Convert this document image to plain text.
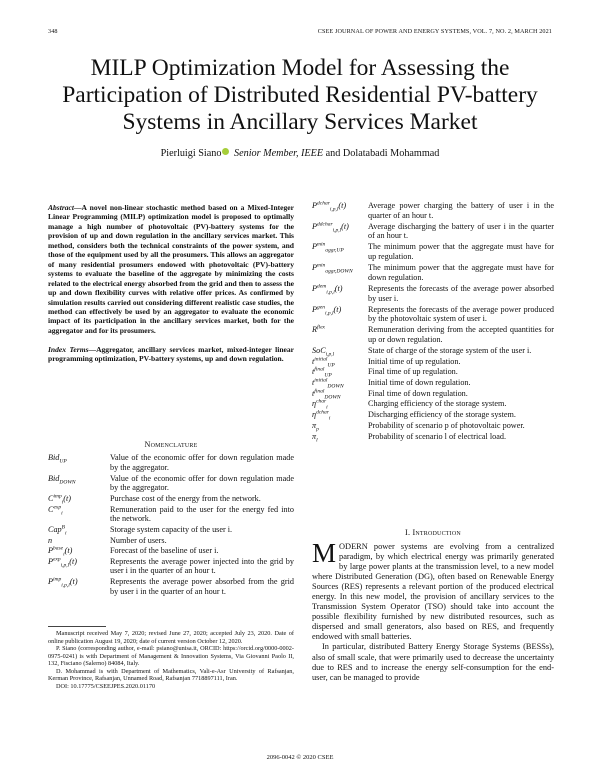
348	CSEE JOURNAL OF POWER AND ENERGY SYSTEMS, VOL. 7, NO. 2, MARCH 2021
MILP Optimization Model for Assessing the Participation of Distributed Residential PV-battery Systems in Ancillary Services Market
Pierluigi Siano Senior Member, IEEE and Dolatabadi Mohammad
Abstract—A novel non-linear stochastic method based on a Mixed-Integer Linear Programming (MILP) optimization model is proposed to optimally manage a high number of photovoltaic (PV)-battery systems for the provision of up and down regulation in the ancillary services market. This method, considers both the technical constraints of the power system, and those of the equipment used by all the prosumers. This allows an aggregator of many residential prosumers endowed with photovoltaic (PV)-battery systems to evaluate the baseline of the aggregate by minimizing the costs related to the electrical energy absorbed from the grid and then to assess the up and down flexibility curves with relative offer prices. As confirmed by simulation results carried out considering different realistic case studies, the method can effectively be used by an aggregator to evaluate the economic impact of its participation in the ancillary services market, both for the aggregator and for its prosumers.
Index Terms—Aggregator, ancillary services market, mixed-integer linear programming optimization, PV-battery systems, up and down regulation.
Nomenclature
Bid$_{UP}$	Value of the economic offer for down regulation made by the aggregator.
Bid$_{DOWN}$	Value of the economic offer for down regulation made by the aggregator.
$C^{imp}_i(t)$	Purchase cost of the energy from the network.
$C^{exp}_i$	Remuneration paid to the user for the energy fed into the network.
Cap$^B_i$	Storage system capacity of the user i.
n	Number of users.
$P^{base}_i(t)$	Forecast of the baseline of user i.
$P^{exp}_{i,p,l}(t)$	Represents the average power injected into the grid by user i in the quarter of an hour t.
$P^{imp}_{i,p,l}(t)$	Represents the average power absorbed from the grid by user i in the quarter of an hour t.
$P^{dchar}_{i,p,l}(t)$	Average power charging the battery of user i in the quarter of an hour t.
$P^{ddchar}_{i,p,l}(t)$ Average discharging the battery of user i in the quarter of an hour t.
$P^{min}_{aggr,UP}$	The minimum power that the aggregate must have for up regulation.
$P^{min}_{aggr,DOWN}$ The minimum power that the aggregate must have for down regulation.
$P^{dem}_{i,p,l}(t)$	Represents the forecasts of the average power absorbed by user i.
$P^{gen}_{i,p,l}(t)$	Represents the forecasts of the average power produced by the photovoltaic system of user i.
$R^{flex}$	Remuneration deriving from the accepted quantities for up or down regulation.
SoC$_{i,p,l}$	State of charge of the storage system of the user i.
$t^{initial}_{UP}$	Initial time of up regulation.
$t^{final}_{UP}$	Final time of up regulation.
$t^{initial}_{DOWN}$	Initial time of down regulation.
$t^{final}_{DOWN}$	Final time of down regulation.
$\eta^{char}_i$	Charging efficiency of the storage system.
$\eta^{dchar}_i$	Discharging efficiency of the storage system.
$\pi_p$	Probability of scenario p of photovoltaic power.
$\pi_l$	Probability of scenario l of electrical load.

Manuscript received May 7, 2020; revised June 27, 2020; accepted July 23, 2020. Date of online publication August 19, 2020; date of current version October 12, 2020.

P. Siano (corresponding author, e-mail: psiano@unisa.it, ORCID: https://orcid.org/0000-0002-0975-0241) is with Department of Management & Innovation Systems, Via Giovanni Paolo II, 132, Fisciano (Salerno) 84084, Italy.

D. Mohammad is with Department of Mathematics, Vali-e-Asr University of Rafsanjan, Kerman Province, Rafsanjan, Unnamed Road, Rafsanjan 7718897111, Iran.

DOI: 10.17775/CSEEJPES.2020.01170

I. Introduction

MODERN power systems are evolving from a centralized paradigm, by which electrical energy was primarily generated by large power plants at the transmission level, to a new model where Distributed Generation (DG), often based on Renewable Energy Sources (RES) represents a relevant portion of the produced electrical energy. In this new model, the provision of ancillary services to the Transmission System Operator (TSO) should take into account the possible flexibility furnished by new distributed resources, such as dispersed and small generators, also based on RES, and frequently endowed with small batteries.

In particular, distributed Battery Energy Storage Systems (BESSs), also of small scale, that were primarily used to decrease the uncertainty due to RES and to increase the energy self-consumption for the end-user, can be managed to provide

2096-0042 © 2020 CSEE
